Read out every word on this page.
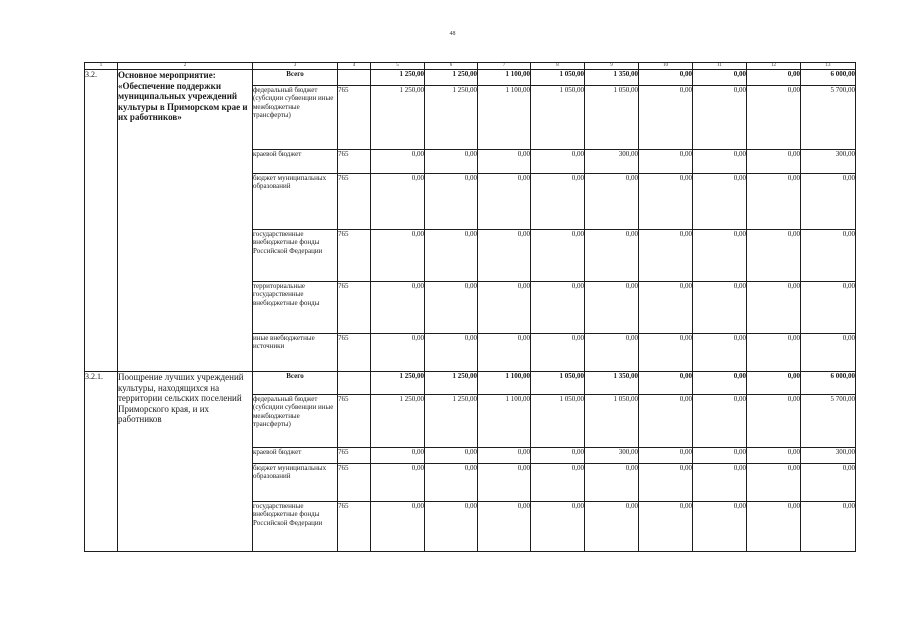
48
1	2	3	4	5	6	7	8	9	10	11	12	13
3.2.	Основное мероприятие: «Обеспечение поддержки муниципальных учреждений культуры в Приморском крае и их работников»	Всего		1 250,00	1 250,00	1 100,00	1 050,00	1 350,00	0,00	0,00	0,00	6 000,00
		федеральный бюджет (субсидии субвенции иные межбюджетные трансферты)	765	1 250,00	1 250,00	1 100,00	1 050,00	1 050,00	0,00	0,00	0,00	5 700,00
		краевой бюджет	765	0,00	0,00	0,00	0,00	300,00	0,00	0,00	0,00	300,00
		бюджет муниципальных образований	765	0,00	0,00	0,00	0,00	0,00	0,00	0,00	0,00	0,00
		государственные внебюджетные фонды Российской Федерации	765	0,00	0,00	0,00	0,00	0,00	0,00	0,00	0,00	0,00
		территориальные государственные внебюджетные фонды	765	0,00	0,00	0,00	0,00	0,00	0,00	0,00	0,00	0,00
		иные внебюджетные источники	765	0,00	0,00	0,00	0,00	0,00	0,00	0,00	0,00	0,00
3.2.1.	Поощрение лучших учреждений культуры, находящихся на территории сельских поселений Приморского края, и их работников	Всего		1 250,00	1 250,00	1 100,00	1 050,00	1 350,00	0,00	0,00	0,00	6 000,00
		федеральный бюджет (субсидии субвенции иные межбюджетные трансферты)	765	1 250,00	1 250,00	1 100,00	1 050,00	1 050,00	0,00	0,00	0,00	5 700,00
		краевой бюджет	765	0,00	0,00	0,00	0,00	300,00	0,00	0,00	0,00	300,00
		бюджет муниципальных образований	765	0,00	0,00	0,00	0,00	0,00	0,00	0,00	0,00	0,00
		государственные внебюджетные фонды Российской Федерации	765	0,00	0,00	0,00	0,00	0,00	0,00	0,00	0,00	0,00
